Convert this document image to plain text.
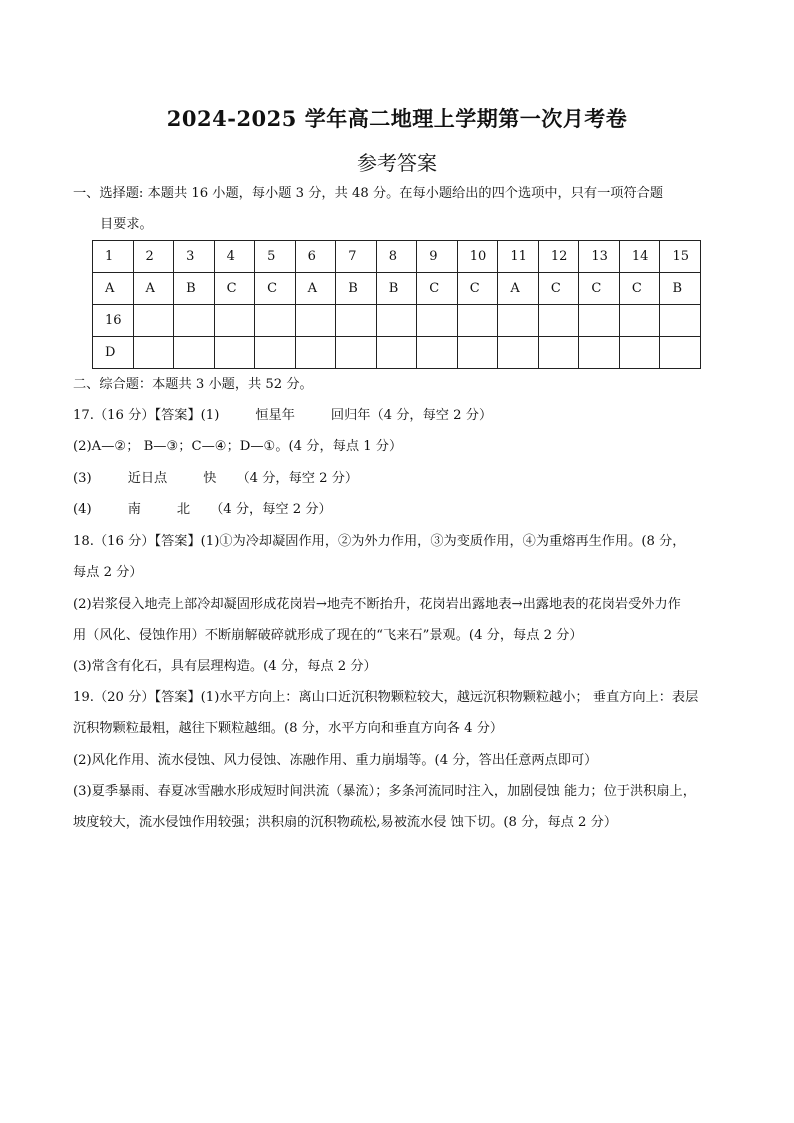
2024-2025 学年高二地理上学期第一次月考卷
参考答案

一、选择题: 本题共 16 小题，每小题 3 分，共 48 分。在每小题给出的四个选项中，只有一项符合题

目要求。

1	2	3	4	5	6	7	8	9	10	11	12	13	14	15
A	A	B	C	C	A	B	B	C	C	A	C	C	C	B
16														
D														

二、综合题：本题共 3 小题，共 52 分。

17.（16 分）【答案】(1)	恒星年	回归年（4 分，每空 2 分）

(2)A—②； B—③；C—④；D—①。(4 分，每点 1 分）

(3)	近日点	快 （4 分，每空 2 分）

(4)	南	北 （4 分，每空 2 分）

18.（16 分）【答案】(1)①为冷却凝固作用，②为外力作用，③为变质作用，④为重熔再生作用。(8 分，

每点 2 分）

(2)岩浆侵入地壳上部冷却凝固形成花岗岩→地壳不断抬升，花岗岩出露地表→出露地表的花岗岩受外力作

用（风化、侵蚀作用）不断崩解破碎就形成了现在的“飞来石”景观。(4 分，每点 2 分）

(3)常含有化石，具有层理构造。(4 分，每点 2 分）

19.（20 分）【答案】(1)水平方向上：离山口近沉积物颗粒较大，越远沉积物颗粒越小； 垂直方向上：表层

沉积物颗粒最粗，越往下颗粒越细。(8 分，水平方向和垂直方向各 4 分）

(2)风化作用、流水侵蚀、风力侵蚀、冻融作用、重力崩塌等。(4 分，答出任意两点即可）

(3)夏季暴雨、春夏冰雪融水形成短时间洪流（暴流）；多条河流同时注入，加剧侵蚀 能力；位于洪积扇上，

坡度较大，流水侵蚀作用较强；洪积扇的沉积物疏松,易被流水侵 蚀下切。(8 分，每点 2 分）
